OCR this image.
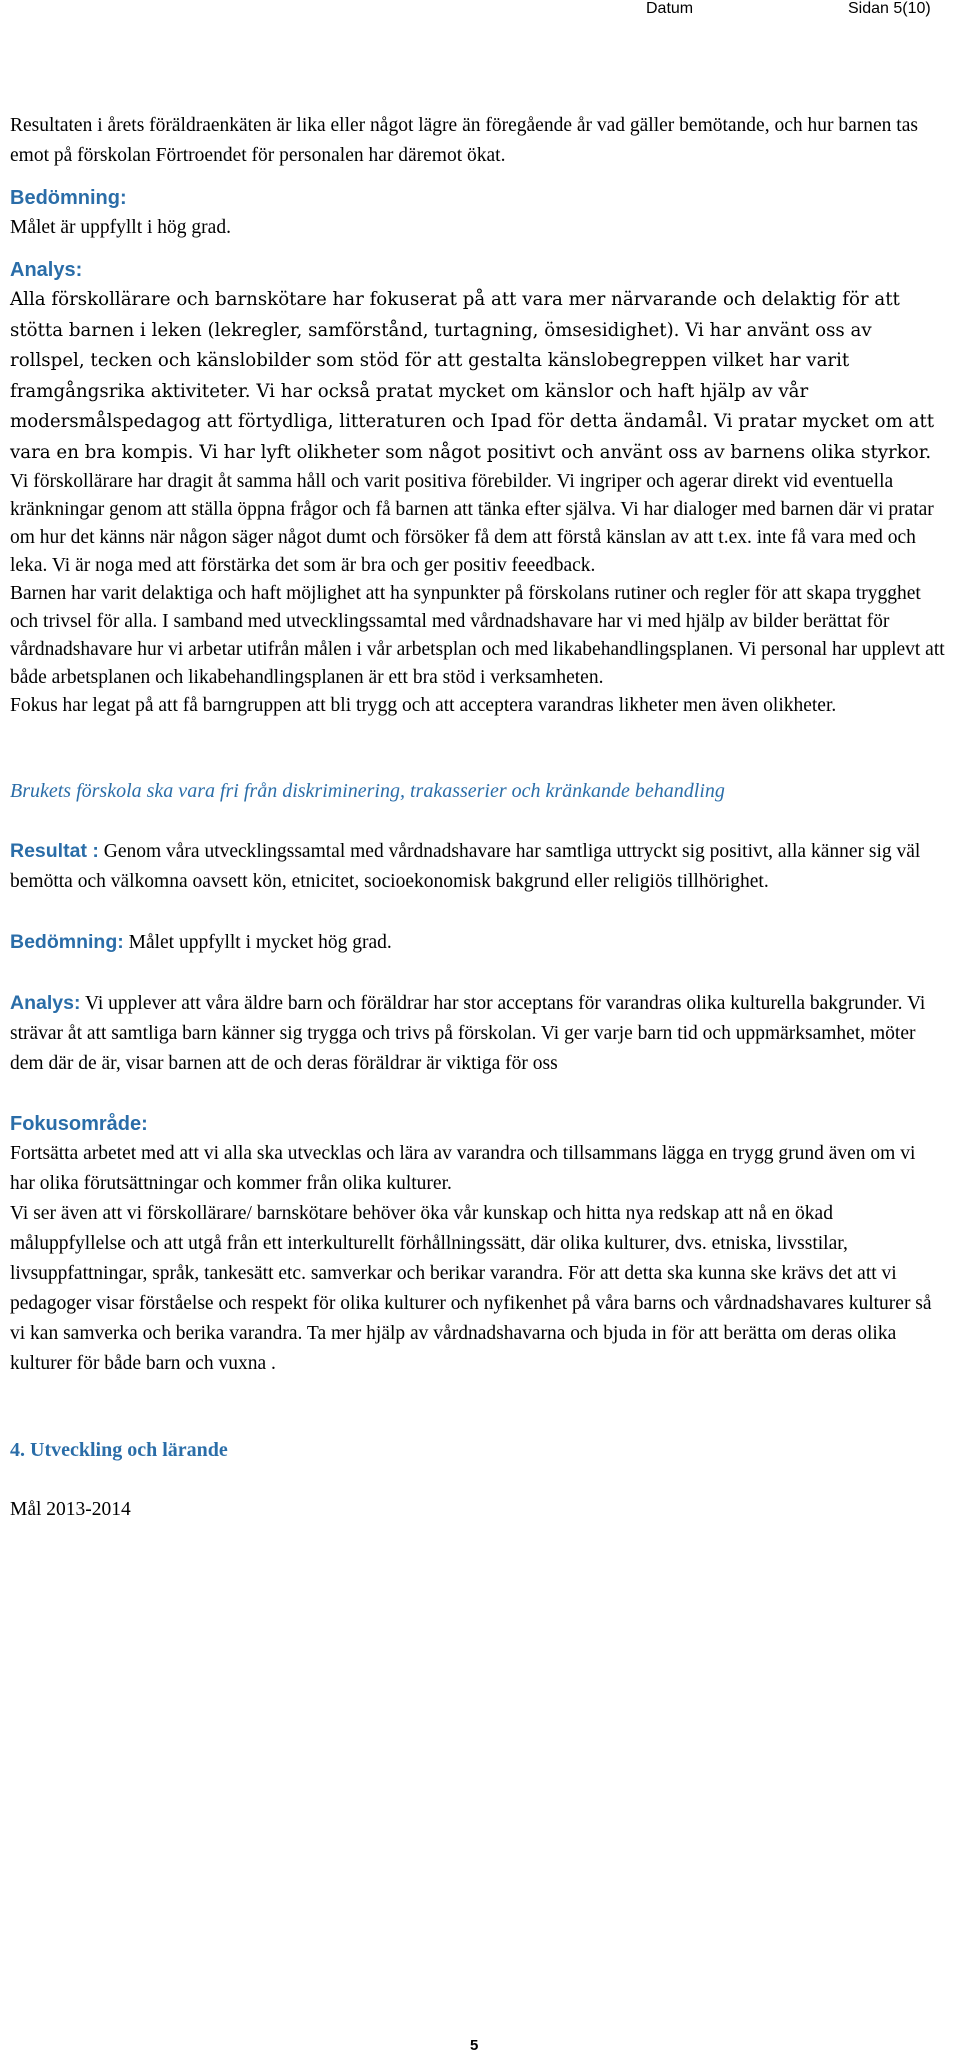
Datum	Sidan 5(10)

Resultaten i årets föräldraenkäten är lika eller något lägre än föregående år vad gäller bemötande, och hur barnen tas emot på förskolan Förtroendet för personalen har däremot ökat.

Bedömning:

Målet är uppfyllt i hög grad.

Analys:

Alla förskollärare och barnskötare har fokuserat på att vara mer närvarande och delaktig för att stötta barnen i leken (lekregler, samförstånd, turtagning, ömsesidighet). Vi har använt oss av rollspel, tecken och känslobilder som stöd för att gestalta känslobegreppen vilket har varit framgångsrika aktiviteter. Vi har också pratat mycket om känslor och haft hjälp av vår modersmålspedagog att förtydliga, litteraturen och Ipad för detta ändamål. Vi pratar mycket om att vara en bra kompis. Vi har lyft olikheter som något positivt och använt oss av barnens olika styrkor.

Vi förskollärare har dragit åt samma håll och varit positiva förebilder. Vi ingriper och agerar direkt vid eventuella kränkningar genom att ställa öppna frågor och få barnen att tänka efter själva. Vi har dialoger med barnen där vi pratar om hur det känns när någon säger något dumt och försöker få dem att förstå känslan av att t.ex. inte få vara med och leka. Vi är noga med att förstärka det som är bra och ger positiv feeedback.

Barnen har varit delaktiga och haft möjlighet att ha synpunkter på förskolans rutiner och regler för att skapa trygghet och trivsel för alla. I samband med utvecklingssamtal med vårdnadshavare har vi med hjälp av bilder berättat för vårdnadshavare hur vi arbetar utifrån målen i vår arbetsplan och med likabehandlingsplanen. Vi personal har upplevt att både arbetsplanen och likabehandlingsplanen är ett bra stöd i verksamheten.

Fokus har legat på att få barngruppen att bli trygg och att acceptera varandras likheter men även olikheter.

Brukets förskola ska vara fri från diskriminering, trakasserier och kränkande behandling

Resultat : Genom våra utvecklingssamtal med vårdnadshavare har samtliga uttryckt sig positivt, alla känner sig väl bemötta och välkomna oavsett kön, etnicitet, socioekonomisk bakgrund eller religiös tillhörighet.

Bedömning: Målet uppfyllt i mycket hög grad.

Analys: Vi upplever att våra äldre barn och föräldrar har stor acceptans för varandras olika kulturella bakgrunder. Vi strävar åt att samtliga barn känner sig trygga och trivs på förskolan. Vi ger varje barn tid och uppmärksamhet, möter dem där de är, visar barnen att de och deras föräldrar är viktiga för oss

Fokusområde:

Fortsätta arbetet med att vi alla ska utvecklas och lära av varandra och tillsammans lägga en trygg grund även om vi har olika förutsättningar och kommer från olika kulturer.

Vi ser även att vi förskollärare/ barnskötare behöver öka vår kunskap och hitta nya redskap att nå en ökad måluppfyllelse och att utgå från ett interkulturellt förhållningssätt, där olika kulturer, dvs. etniska, livsstilar, livsuppfattningar, språk, tankesätt etc. samverkar och berikar varandra. För att detta ska kunna ske krävs det att vi pedagoger visar förståelse och respekt för olika kulturer och nyfikenhet på våra barns och vårdnadshavares kulturer så vi kan samverka och berika varandra. Ta mer hjälp av vårdnadshavarna och bjuda in för att berätta om deras olika kulturer för både barn och vuxna .

4. Utveckling och lärande

Mål 2013-2014

5
